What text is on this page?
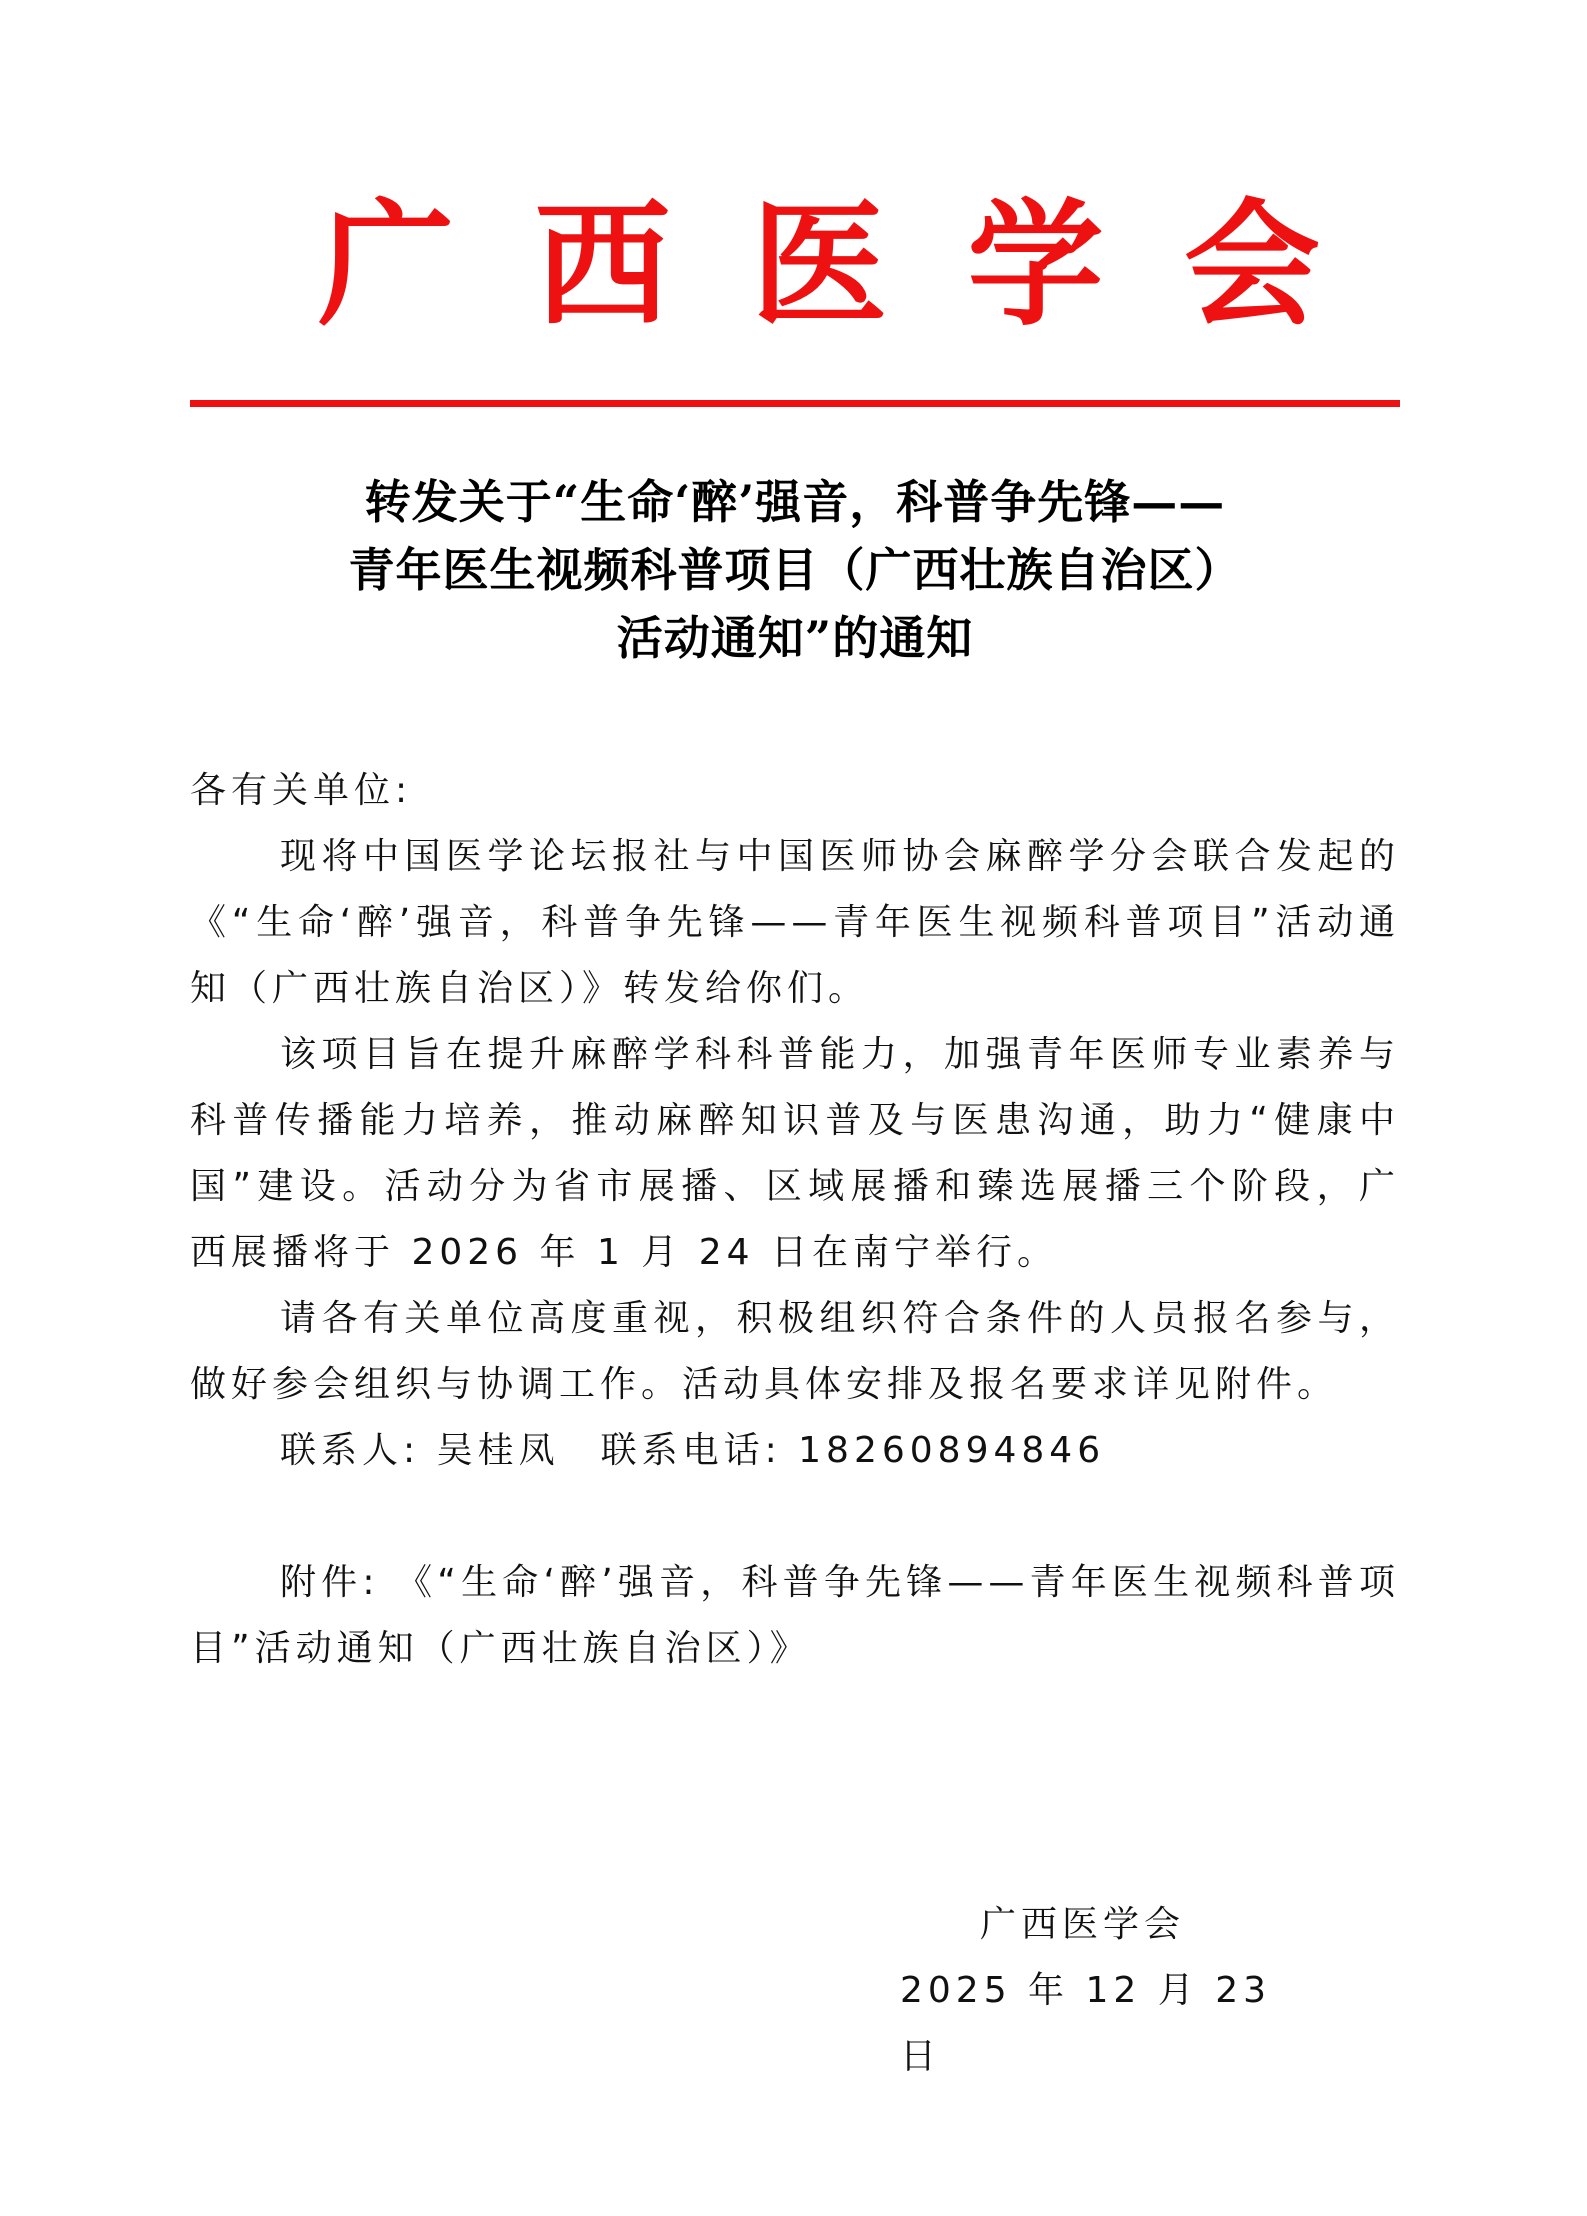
广 西 医 学 会
转发关于“生命‘醉’强音，科普争先锋——
青年医生视频科普项目（广西壮族自治区）
活动通知”的通知

各有关单位:

现将中国医学论坛报社与中国医师协会麻醉学分会联合发起的《“生命‘醉’强音，科普争先锋——青年医生视频科普项目”活动通知（广西壮族自治区）》转发给你们。

该项目旨在提升麻醉学科科普能力，加强青年医师专业素养与科普传播能力培养，推动麻醉知识普及与医患沟通，助力“健康中国”建设。活动分为省市展播、区域展播和臻选展播三个阶段，广西展播将于 2026 年 1 月 24 日在南宁举行。

请各有关单位高度重视，积极组织符合条件的人员报名参与，做好参会组织与协调工作。活动具体安排及报名要求详见附件。

联系人: 吴桂凤　联系电话: 18260894846

附件: 《“生命‘醉’强音，科普争先锋——青年医生视频科普项目”活动通知（广西壮族自治区）》

广西医学会
2025 年 12 月 23 日
